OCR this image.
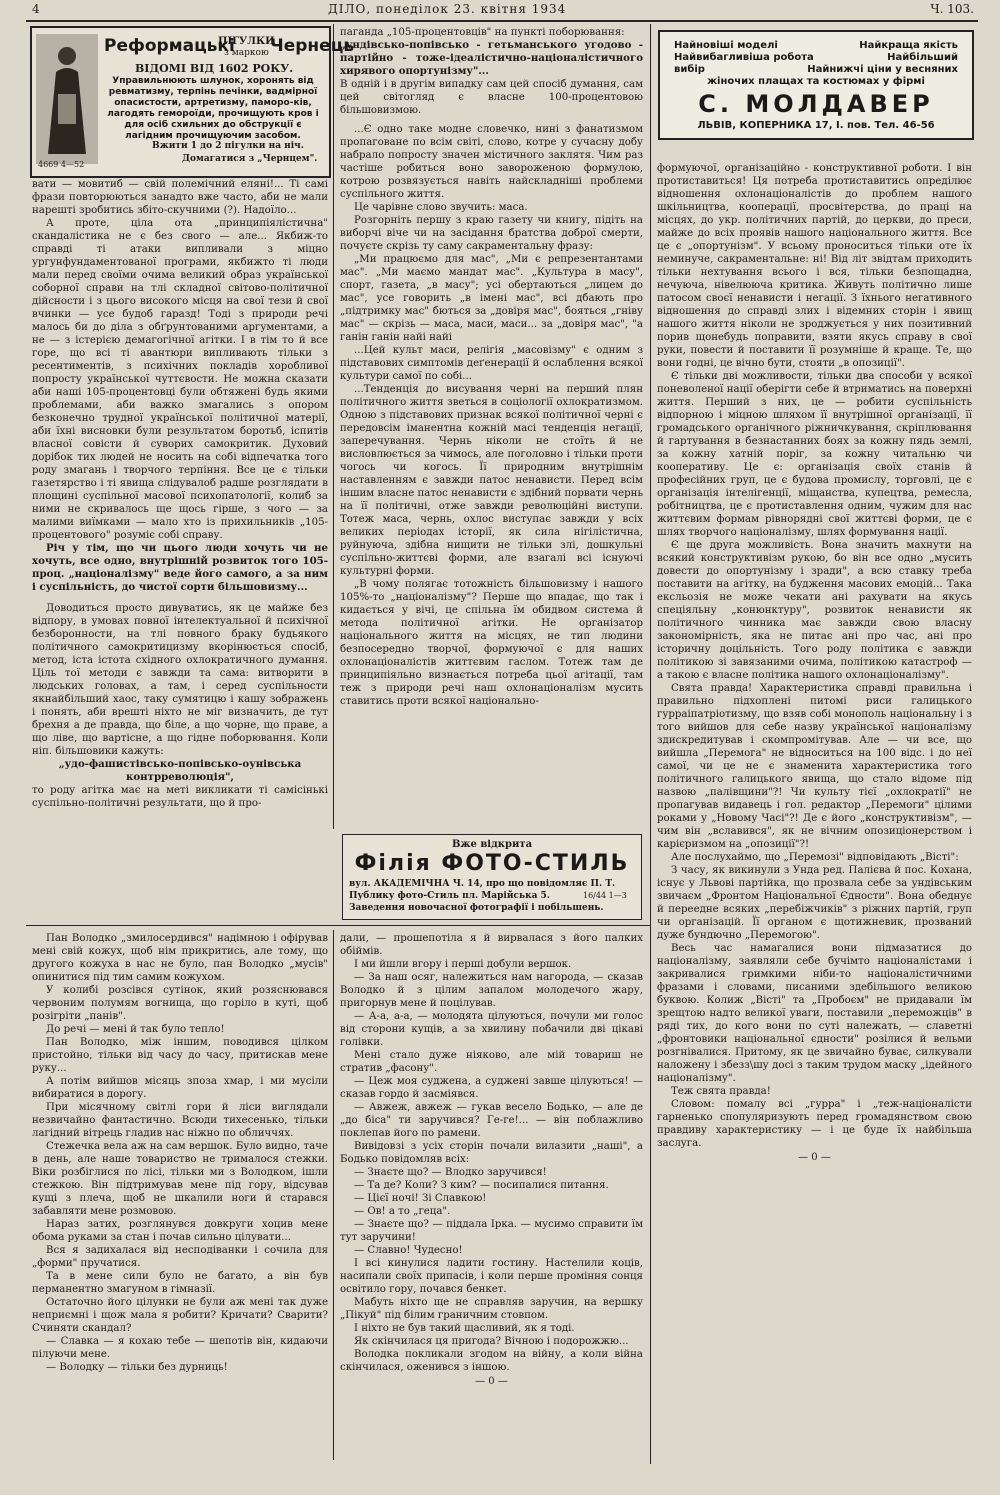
4	ДІЛО, понеділок 23. квітня 1934	Ч. 103.
Реформацькі
ПІГУЛКИ
з маркою Чернець
ВІДОМІ ВІД 1602 РОКУ.

Управильнюють шлунок, хоронять від ревматизму, терпінь печінки, вадмірної опасистости, артретизму, паморо-ків, лагодять гемороїди, прочищують кров і для осіб схильних до обструкції є лагідним прочищуючим засобом.

Вжити 1 до 2 пігулки на ніч.
Домагатися з „Чернцем".
4669 4—52
Найновіші моделі	Найкраща якість
Найвибагливіша робота	Найбільший
вибір	Найнижчі ціни у весняних
жіночих плащах та костюмах у фірмі
С. МОЛДАВЕР
ЛЬВІВ, КОПЕРНИКА 17, І. пов. Тел. 46-56

вати — мовитиб — свій полемічний еляні!... Ті самі фрази повторюються занадто вже часто, аби не мали нарешті зробитись збіто-скучними (?). Надоїло...

А проте, ціла ота „принципіялістична" скандалістика не є без свого — але... Якбиж-то справді ті атаки випливали з міцно ургунфундаментованої програми, якбижто ті люди мали перед своїми очима великий образ української соборної справи на тлі складної світово-політичної дійсности і з цього високого місця на свої тези й свої вчинки — усе будоб гаразд! Тоді з природи речі малось би до діла з обґрунтованими аргументами, а не — з істерією демагогічної агітки. І в тім то й все горе, що всі ті авантюри випливають тільки з ресентиментів, з психічних покладів хоробливої попросту української чуттєвости. Не можна сказати аби наші 105-процентовці були обтяжені будь якими проблемами, аби важко змагались з опором безконечно трудної української політичної матерії, аби їхні висновки були результатом боротьб, іспитів власної совісти й суворих самокритик. Духовий дорібок тих людей не носить на собі відпечатка того роду змагань і творчого терпіння. Все це є тільки газетярство і ті явища слідувалоб радше розглядати в площині суспільної масової психопатології, колиб за ними не скривалось ще щось гірше, з чого — за малими виїмками — мало хто із прихильників „105-процентового" розуміє собі справу.

Річ у тім, що чи цього люди хочуть чи не хочуть, все одно, внутрішній розвиток того 105-проц. „націоналізму" веде його самого, а за ним і суспільність, до чистої сорти більшовизму...

Доводиться просто дивуватись, як це майже без відпору, в умовах повної інтелектуальної й психічної безборонности, на тлі повного браку будьякого політичного самокритицизму вкорінюється спосіб, метод, іста істота східного охлократичного думання. Ціль тої методи є завжди та сама: витворити в людських головах, а там, і серед суспільности якнайбільший хаос, таку сумятицю і кашу зображень і понять, аби врешті ніхто не міг визначить, де тут брехня а де правда, що біле, а що чорне, що праве, а що ліве, що вартісне, а що гідне поборювання. Коли ніп. більшовики кажуть:

„удо-фашистівсько-попівсько-оунівська контрреволюція",

то роду агітка має на меті викликати ті самісінькі суспільно-політичні результати, що й про-

паганда „105-процентовців" на пункті поборювання:

„ундівсько-попівсько - гетьманського угодово - партійно - тоже-ідеалістично-націоналістичного хирявого опортунізму"...

В одній і в другім випадку сам цей спосіб думання, сам цей світогляд є власне 100-процентовою більшовизмою.

...Є одно таке модне словечко, нині з фанатизмом пропаговане по всім світі, слово, котре у сучасну добу набрало попросту значен містичного заклятя. Чим раз частіше робиться воно завороженою формулою, котрою розвязується навіть найскладніші проблеми суспільного життя.

Це чарівне слово звучить: маса.

Розгорніть першу з краю газету чи книгу, підіть на виборчі віче чи на засідання братства доброї смерти, почуєте скрізь ту саму сакраментальну фразу:

„Ми працюємо для мас", „Ми є репрезентантами мас". „Ми маємо мандат мас". „Культура в масу", спорт, газета, „в масу"; усі обертаються „лицем до мас", усе говорить „в імені мас", всі дбають про „підтримку мас" бються за „довіря мас", бояться „гніву мас" — скрізь — маса, маси, маси... за „довіря мас", "а ганін ганін найі найі

...Цей культ маси, релігія „масовізму" є одним з підставових симптомів деґенерації й ослаблення всякої культури самої по собі...

...Тенденція до висування черні на перший плян політичного життя зветься в соціології охлократизмом. Одною з підставових признак всякої політичної черні є передовсім іманентна кожній масі тенденція негації, заперечування. Чернь ніколи не стоїть й не висловлюється за чимось, але поголовно і тільки проти чогось чи когось. Її природним внутрішнім наставленням є завжди патос ненависти. Перед всім іншим власне патос ненависти є здібний порвати чернь на її політичні, отже завжди революційні виступи. Тотеж маса, чернь, охлос виступає завжди у всіх великих періодах історії, як сила нігілістична, руйнуюча, здібна нищити не тільки злі, дошкульні суспільно-життєві форми, але взагалі всі існуючі культурні форми.

„В чому полягає тотожність більшовизму і нашого 105%-то „націоналізму"? Перше що впадає, що так і кидається у вічі, це спільна їм обидвом система й метода політичної агітки. Не організатор національного життя на місцях, не тип людини безпосередно творчої, формуючої є для наших охлонаціоналістів життєвим гаслом. Тотеж там де принципіяльно визнається потреба цьої агітації, там теж з природи речі наш охлонаціоналізм мусить ставитись проти всякої національно-

Вже відкрита
Філія ФОТО-СТИЛЬ
вул. АКАДЕМІЧНА Ч. 14, про що повідомляє П. Т.
Публику фото-Стиль пл. Марійська 5.	16/44 1—3
Заведення новочасної фотографії і побільшень.

формуючої, організаційно - конструктивної роботи. І він протиставиться! Ця потреба протиставитись опреділює відношення охлонаціоналістів до проблем нашого шкільництва, кооперації, просвітерства, до праці на місцях, до укр. політичних партій, до церкви, до преси, майже до всіх проявів нашого національного життя. Все це є „опортунізм". У всьому проноситься тільки оте їх неминуче, сакраментальне: ні! Від літ звідтам приходить тільки нехтування всього і вся, тільки безпощадна, нечуюча, нівелююча критика. Живуть політично лише патосом своєї ненависти і негації. З їхнього негативного відношення до справді злих і відемних сторін і явищ нашого життя ніколи не зроджується у них позитивний порив щонебудь поправити, взяти якусь справу в свої руки, повести й поставити її розумніше й краще. Те, що вони годні, це вічно бути, стояти „в опозиції".

Є тільки дві можливости, тільки два способи у всякої поневоленої нації оберігти себе й втриматись на поверхні життя. Перший з них, це — робити суспільність відпорною і міцною шляхом її внутрішної організації, її громадського органічного ріжничкування, скріплювання й гартування в безнастанних боях за кожну пядь землі, за кожну хатній поріг, за кожну читальню чи кооперативу. Це є: організація своїх станів й професійних груп, це є будова промислу, торговлі, це є організація інтелігенції, міщанства, купецтва, ремесла, робітництва, це є протиставлення одним, чужим для нас життєвим формам рівнорядні свої життєві форми, це є шлях творчого націоналізму, шлях формування нації.

Є ще друга можливість. Вона значить махнути на всякий конструктивізм рукою, бо він все одно „мусить довести до опортунізму і зради", а всю ставку треба поставити на агітку, на будження масових емоцій... Така ексльозія не може чекати ані рахувати на якусь спеціяльну „конюнктуру", розвиток ненависти як політичного чинника має завжди свою власну закономірність, яка не питає ані про час, ані про історичну доцільність. Того роду політика є завжди політикою зі завязаними очима, політикою катастроф — а такою є власне політика нашого охлонаціоналізму".

Свята правда! Характеристика справді правильна і правильно підхоплені питомі риси галицького гурраіпатріотизму, що взяв собі монополь національну і з того вийшов для себе назву української націоналізму здискредитував і скомпромітував. Але — чи все, що вийшла „Перемога" не відноситься на 100 відс. і до неї самої, чи це не є знаменита характеристика того політичного галицького явища, що стало відоме під назвою „палівщини"?! Чи культу тієї „охлократії" не пропагував видавець і гол. редактор „Перемоги" цілими роками у „Новому Часі"?! Де є його „конструктивізм", — чим він „вславився", як не вічним опозиціонерством і карієризмом на „опозиції"?!

Але послухаймо, що „Перемозі" відповідають „Вісті":

З часу, як викинули з Унда ред. Палієва й пос. Кохана, існує у Львові партійка, що прозвала себе за ундівським звичаєм „Фронтом Національної Єдности". Вона обеднує й переедне всяких „перебіжчиків" з ріжних партій, груп чи організацій. Її органом є щотижневик, прозваний дуже бундючно „Перемогою".

Весь час намагалися вони підмазатися до націоналізму, заявляли себе бучімто націоналістами і закривалися гримкими ніби-то націоналістичними фразами і словами, писаними здебільшого великою буквою. Колиж „Вісті" та „Пробоєм" не придавали їм зрещтою надто великої уваги, поставили „переможців" в ряді тих, до кого вони по суті належать, — славетні „фронтовики національної єдности" розілися й вельми розгнівалися. Притому, як це звичайно буває, силкували наложену і збезз\шу досі з таким трудом маску „ідейного націоналізму".

Теж свята правда!

Словом: помалу всі „гурра" і „теж-націоналісти гарненько спопуляризують перед громадянством свою правдиву характеристику — і це буде їх найбільша заслуга.

— 0 —

Пан Володко „змилосердився" надімною і офірував мені свій кожух, щоб нім прикритись, але тому, що другого кожуха в нас не було, пан Володко „мусів" опинитися під тим самим кожухом.

У колибі розсівся сутінок, який розяснювався червоним полумям вогнища, що горіло в куті, щоб розігріти „панів".

До речі — мені й так було тепло!

Пан Володко, між іншим, поводився цілком пристойно, тільки від часу до часу, притискав мене руку...

А потім вийшов місяць зпоза хмар, і ми мусіли вибиратися в дорогу.

При місячному світлі гори й ліси виглядали незвичайно фантастично. Всюди тихесенько, тільки лагідний вітрець гладив нас ніжно по обличчях.

Стежечка вела аж на сам вершок. Було видно, таче в день, але наше товариство не трималося стежки. Віки розбіглися по лісі, тільки ми з Володком, ішли стежкою. Він підтримував мене під гору, відсував кущі з плеча, щоб не шкалили ноги й старався забавляти мене розмовою.

Нараз затих, розглянувся довкруги хоцив мене обома руками за стан і почав сильно цілувати...

Вся я задихалася від несподіванки і сочила для „форми" пручатися.

Та в мене сили було не багато, а він був перманентно змагуном в гімназії.

Остаточно його цілунки не були аж мені так дуже неприємні і щож мала я робити? Кричати? Сварити? Счиняти скандал?

— Славка — я кохаю тебе — шепотів він, кидаючи пілуючи мене.

— Володку — тільки без дурниць!

дали, — прошепотіла я й вирвалася з його палких обіймів.

І ми йшли вгору і перші добули вершок.

— За наш осяг, належиться нам нагорода, — сказав Володко й з цілим запалом молодечого жару, пригорнув мене й поцілував.

— А-а, а-а, — молодята цілуються, почули ми голос від сторони кущів, а за хвилину побачили дві цікаві голівки.

Мені стало дуже ніяково, але мій товариш не стратив „фасону".

— Цеж моя суджена, а судженi завше цілуються! — сказав гордо й засміявся.

— Авжеж, авжеж — гукав весело Бодько, — але де „до біса" ти заручився? Ге-ге!... — він поблажливо поклепав його по рамени.

Вивідовзі з усіх сторін почали вилазити „наші", а Бодько повідомляв всіх:

— Знаєте що? — Влодко заручився!

— Та де? Коли? З ким? — посипалися питання.

— Цієї ночі! Зі Славкою!

— Ов! а то „геца".

— Знаєте що? — піддала Ірка. — мусимо справити їм тут заручини!

— Славно! Чудесно!

І всі кинулися ладити гостину. Настелили коців, насипали своїх припасів, і коли перше проміння сонця освітило гору, почався бенкет.

Мабуть ніхто ще не справляв заручин, на вершку „Пікуй" під білим граничним стовпом.

І ніхто не був такий щасливий, як я тоді.

Як скінчилася ця пригода? Вічною і подорожжю...

Володка покликали згодом на війну, а коли війна скінчилася, оженився з іншою.

— 0 —
